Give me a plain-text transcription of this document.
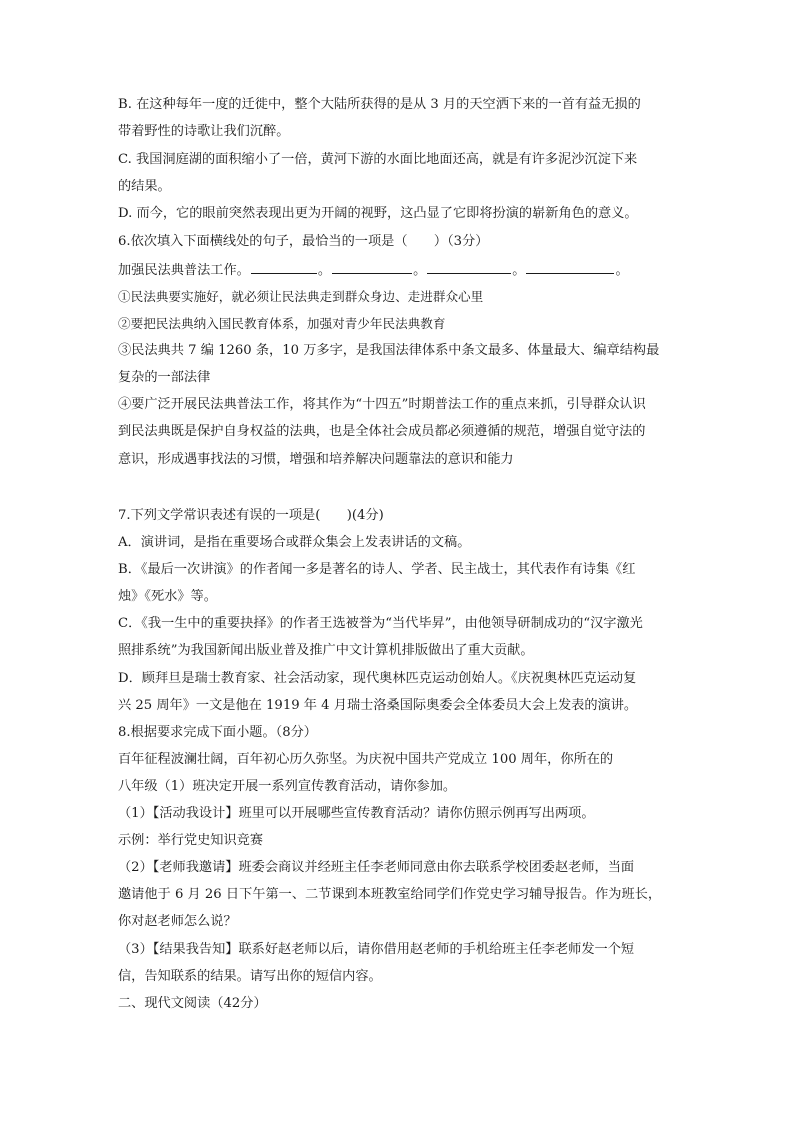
B. 在这种每年一度的迁徙中，整个大陆所获得的是从 3 月的天空洒下来的一首有益无损的
带着野性的诗歌让我们沉醉。
C. 我国洞庭湖的面积缩小了一倍，黄河下游的水面比地面还高，就是有许多泥沙沉淀下来
的结果。
D. 而今，它的眼前突然表现出更为开阔的视野，这凸显了它即将扮演的崭新角色的意义。
6.依次填入下面横线处的句子，最恰当的一项是（　　）（3分）
加强民法典普法工作。	。	。	。	。
①民法典要实施好，就必须让民法典走到群众身边、走进群众心里
②要把民法典纳入国民教育体系，加强对青少年民法典教育
③民法典共 7 编 1260 条，10 万多字，是我国法律体系中条文最多、体量最大、编章结构最
复杂的一部法律
④要广泛开展民法典普法工作，将其作为“十四五”时期普法工作的重点来抓，引导群众认识
到民法典既是保护自身权益的法典，也是全体社会成员都必须遵循的规范，增强自觉守法的
意识，形成遇事找法的习惯，增强和培养解决问题靠法的意识和能力
7.下列文学常识表述有误的一项是(　　)(4分)
A．演讲词，是指在重要场合或群众集会上发表讲话的文稿。
B．《最后一次讲演》的作者闻一多是著名的诗人、学者、民主战士，其代表作有诗集《红
烛》《死水》等。
C．《我一生中的重要抉择》的作者王选被誉为“当代毕昇”，由他领导研制成功的“汉字激光
照排系统”为我国新闻出版业普及推广中文计算机排版做出了重大贡献。
D．顾拜旦是瑞士教育家、社会活动家，现代奥林匹克运动创始人。《庆祝奥林匹克运动复
兴 25 周年》一文是他在 1919 年 4 月瑞士洛桑国际奥委会全体委员大会上发表的演讲。
8.根据要求完成下面小题。（8分）
百年征程波澜壮阔，百年初心历久弥坚。为庆祝中国共产党成立 100 周年，你所在的
八年级（1）班决定开展一系列宣传教育活动，请你参加。
（1）【活动我设计】班里可以开展哪些宣传教育活动？请你仿照示例再写出两项。
示例：举行党史知识竞赛
（2）【老师我邀请】班委会商议并经班主任李老师同意由你去联系学校团委赵老师，当面
邀请他于 6 月 26 日下午第一、二节课到本班教室给同学们作党史学习辅导报告。作为班长，
你对赵老师怎么说？
（3）【结果我告知】联系好赵老师以后，请你借用赵老师的手机给班主任李老师发一个短
信，告知联系的结果。请写出你的短信内容。
二、现代文阅读（42分）
